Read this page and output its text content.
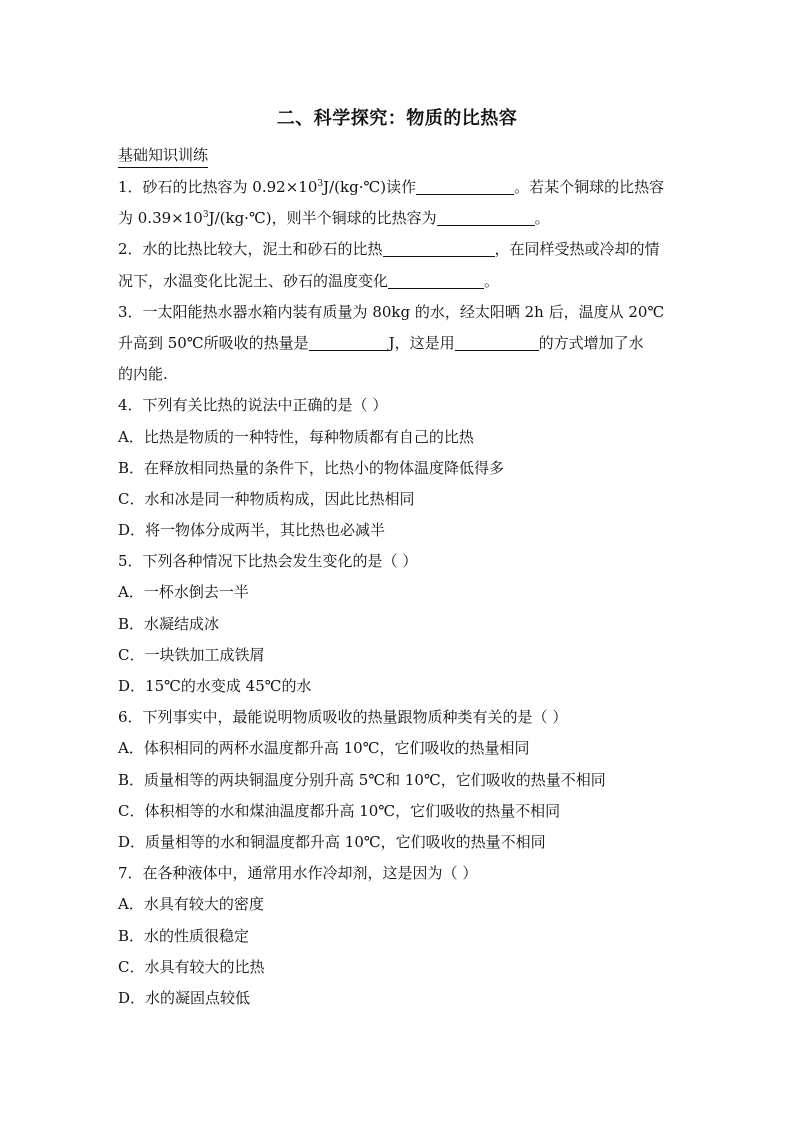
二、科学探究：物质的比热容
基础知识训练
1．砂石的比热容为 $0.92\times 10^3J/(kg\cdot℃)$读作	。若某个铜球的比热容
为 $0.39\times 10^3J/(kg\cdot℃)$，则半个铜球的比热容为	。
2．水的比热比较大，泥土和砂石的比热	，在同样受热或冷却的情
况下，水温变化比泥土、砂石的温度变化	。
3．一太阳能热水器水箱内装有质量为 80kg 的水，经太阳晒 2h 后，温度从 20℃
升高到 50℃所吸收的热量是	J，这是用	的方式增加了水
的内能.
4．下列有关比热的说法中正确的是（ ）
A．比热是物质的一种特性，每种物质都有自己的比热
B．在释放相同热量的条件下，比热小的物体温度降低得多
C．水和冰是同一种物质构成，因此比热相同
D．将一物体分成两半，其比热也必减半
5．下列各种情况下比热会发生变化的是（ ）
A．一杯水倒去一半
B．水凝结成冰
C．一块铁加工成铁屑
D．15℃的水变成 45℃的水
6．下列事实中，最能说明物质吸收的热量跟物质种类有关的是（ ）
A．体积相同的两杯水温度都升高 10℃，它们吸收的热量相同
B．质量相等的两块铜温度分别升高 5℃和 10℃，它们吸收的热量不相同
C．体积相等的水和煤油温度都升高 10℃，它们吸收的热量不相同
D．质量相等的水和铜温度都升高 10℃，它们吸收的热量不相同
7．在各种液体中，通常用水作冷却剂，这是因为（ ）
A．水具有较大的密度
B．水的性质很稳定
C．水具有较大的比热
D．水的凝固点较低
